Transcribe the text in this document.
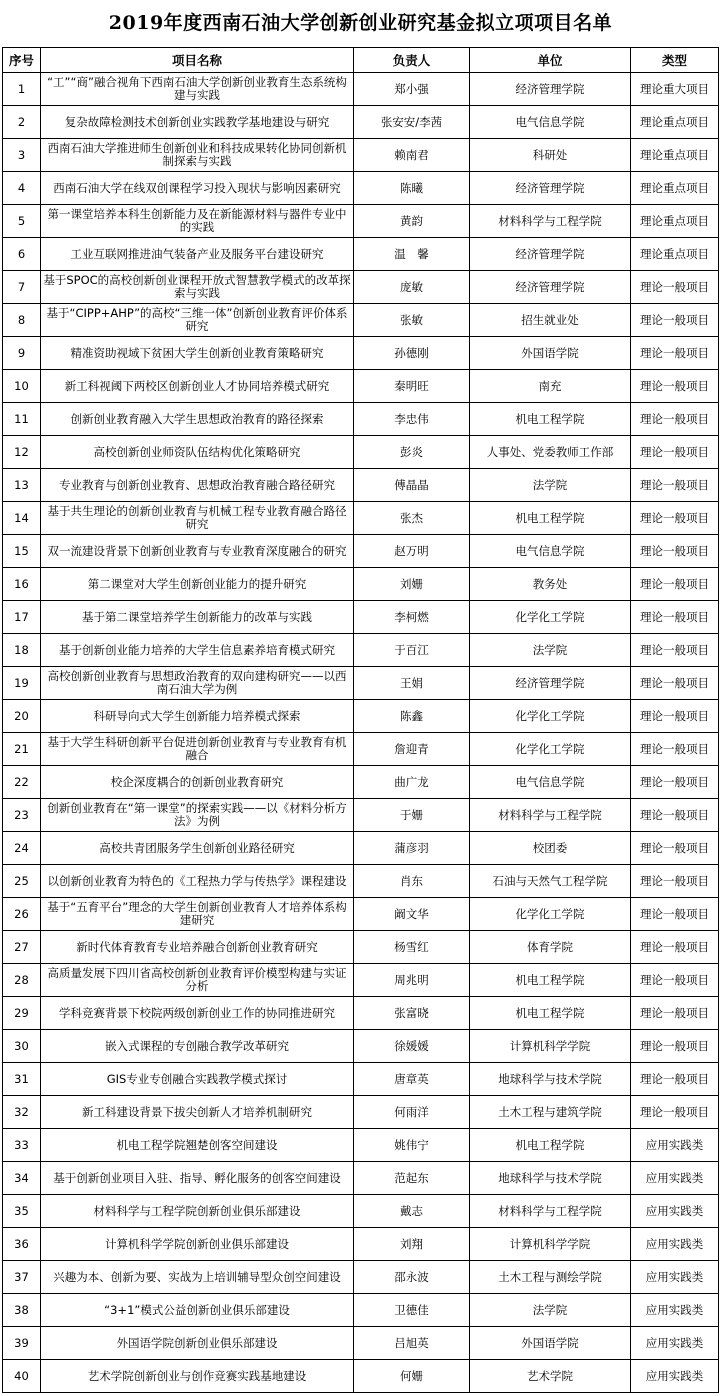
2019年度西南石油大学创新创业研究基金拟立项项目名单
序号	项目名称	负责人	单位	类型
1	“工”“商”融合视角下西南石油大学创新创业教育生态系统构建与实践	郑小强	经济管理学院	理论重大项目
2	复杂故障检测技术创新创业实践教学基地建设与研究	张安安/李茜	电气信息学院	理论重点项目
3	西南石油大学推进师生创新创业和科技成果转化协同创新机制探索与实践	赖南君	科研处	理论重点项目
4	西南石油大学在线双创课程学习投入现状与影响因素研究	陈曦	经济管理学院	理论重点项目
5	第一课堂培养本科生创新能力及在新能源材料与器件专业中的实践	黄韵	材料科学与工程学院	理论重点项目
6	工业互联网推进油气装备产业及服务平台建设研究	温　馨	经济管理学院	理论重点项目
7	基于SPOC的高校创新创业课程开放式智慧教学模式的改革探索与实践	庞敏	经济管理学院	理论一般项目
8	基于“CIPP+AHP”的高校“三维一体”创新创业教育评价体系研究	张敏	招生就业处	理论一般项目
9	精准资助视域下贫困大学生创新创业教育策略研究	孙德刚	外国语学院	理论一般项目
10	新工科视阈下两校区创新创业人才协同培养模式研究	秦明旺	南充	理论一般项目
11	创新创业教育融入大学生思想政治教育的路径探索	李忠伟	机电工程学院	理论一般项目
12	高校创新创业师资队伍结构优化策略研究	彭炎	人事处、党委教师工作部	理论一般项目
13	专业教育与创新创业教育、思想政治教育融合路径研究	傅晶晶	法学院	理论一般项目
14	基于共生理论的创新创业教育与机械工程专业教育融合路径研究	张杰	机电工程学院	理论一般项目
15	双一流建设背景下创新创业教育与专业教育深度融合的研究	赵万明	电气信息学院	理论一般项目
16	第二课堂对大学生创新创业能力的提升研究	刘姗	教务处	理论一般项目
17	基于第二课堂培养学生创新能力的改革与实践	李柯燃	化学化工学院	理论一般项目
18	基于创新创业能力培养的大学生信息素养培育模式研究	于百江	法学院	理论一般项目
19	高校创新创业教育与思想政治教育的双向建构研究——以西南石油大学为例	王娟	经济管理学院	理论一般项目
20	科研导向式大学生创新能力培养模式探索	陈鑫	化学化工学院	理论一般项目
21	基于大学生科研创新平台促进创新创业教育与专业教育有机融合	詹迎青	化学化工学院	理论一般项目
22	校企深度耦合的创新创业教育研究	曲广龙	电气信息学院	理论一般项目
23	创新创业教育在“第一课堂”的探索实践——以《材料分析方法》为例	于姗	材料科学与工程学院	理论一般项目
24	高校共青团服务学生创新创业路径研究	蒲彦羽	校团委	理论一般项目
25	以创新创业教育为特色的《工程热力学与传热学》课程建设	肖东	石油与天然气工程学院	理论一般项目
26	基于“五育平台”理念的大学生创新创业教育人才培养体系构建研究	阚文华	化学化工学院	理论一般项目
27	新时代体育教育专业培养融合创新创业教育研究	杨雪红	体育学院	理论一般项目
28	高质量发展下四川省高校创新创业教育评价模型构建与实证分析	周兆明	机电工程学院	理论一般项目
29	学科竞赛背景下校院两级创新创业工作的协同推进研究	张富晓	机电工程学院	理论一般项目
30	嵌入式课程的专创融合教学改革研究	徐媛媛	计算机科学学院	理论一般项目
31	GIS专业专创融合实践教学模式探讨	唐章英	地球科学与技术学院	理论一般项目
32	新工科建设背景下拔尖创新人才培养机制研究	何雨洋	土木工程与建筑学院	理论一般项目
33	机电工程学院翘楚创客空间建设	姚伟宁	机电工程学院	应用实践类
34	基于创新创业项目入驻、指导、孵化服务的创客空间建设	范起东	地球科学与技术学院	应用实践类
35	材料科学与工程学院创新创业俱乐部建设	戴志	材料科学与工程学院	应用实践类
36	计算机科学学院创新创业俱乐部建设	刘翔	计算机科学学院	应用实践类
37	兴趣为本、创新为要、实战为上培训辅导型众创空间建设	邵永波	土木工程与测绘学院	应用实践类
38	“3+1”模式公益创新创业俱乐部建设	卫德佳	法学院	应用实践类
39	外国语学院创新创业俱乐部建设	吕旭英	外国语学院	应用实践类
40	艺术学院创新创业与创作竞赛实践基地建设	何姗	艺术学院	应用实践类
